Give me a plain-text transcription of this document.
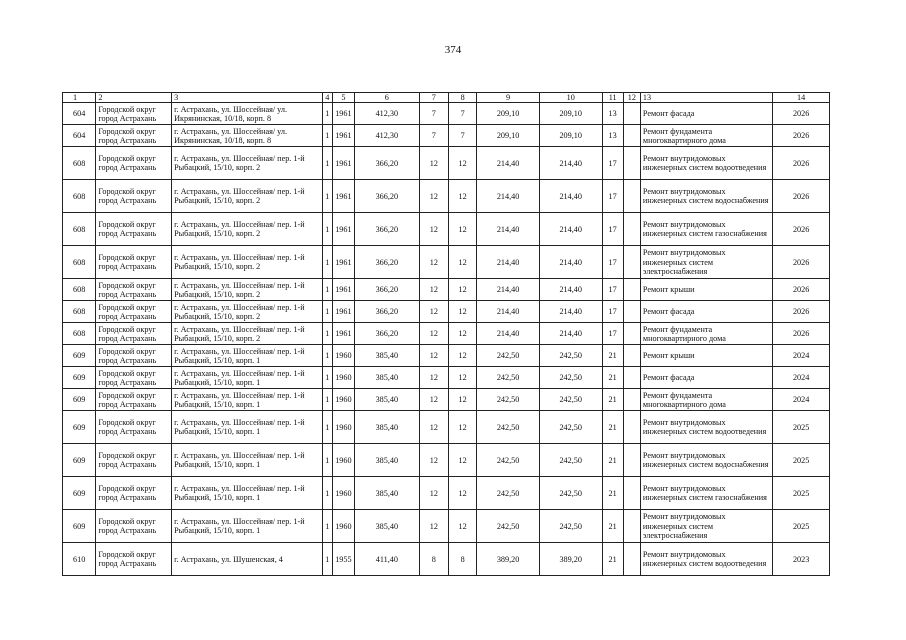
374
1	2	3	4	5	6	7	8	9	10	11	12	13	14
604	Городской округ город Астрахань	г. Астрахань, ул. Шоссейная/ ул. Икрянинская, 10/18, корп. 8	1	1961	412,30	7	7	209,10	209,10	13		Ремонт фасада	2026
604	Городской округ город Астрахань	г. Астрахань, ул. Шоссейная/ ул. Икрянинская, 10/18, корп. 8	1	1961	412,30	7	7	209,10	209,10	13		Ремонт фундамента многоквартирного дома	2026
608	Городской округ город Астрахань	г. Астрахань, ул. Шоссейная/ пер. 1-й Рыбацкий, 15/10, корп. 2	1	1961	366,20	12	12	214,40	214,40	17		Ремонт внутридомовых инженерных систем водоотведения	2026
608	Городской округ город Астрахань	г. Астрахань, ул. Шоссейная/ пер. 1-й Рыбацкий, 15/10, корп. 2	1	1961	366,20	12	12	214,40	214,40	17		Ремонт внутридомовых инженерных систем водоснабжения	2026
608	Городской округ город Астрахань	г. Астрахань, ул. Шоссейная/ пер. 1-й Рыбацкий, 15/10, корп. 2	1	1961	366,20	12	12	214,40	214,40	17		Ремонт внутридомовых инженерных систем газоснабжения	2026
608	Городской округ город Астрахань	г. Астрахань, ул. Шоссейная/ пер. 1-й Рыбацкий, 15/10, корп. 2	1	1961	366,20	12	12	214,40	214,40	17		Ремонт внутридомовых инженерных систем электроснабжения	2026
608	Городской округ город Астрахань	г. Астрахань, ул. Шоссейная/ пер. 1-й Рыбацкий, 15/10, корп. 2	1	1961	366,20	12	12	214,40	214,40	17		Ремонт крыши	2026
608	Городской округ город Астрахань	г. Астрахань, ул. Шоссейная/ пер. 1-й Рыбацкий, 15/10, корп. 2	1	1961	366,20	12	12	214,40	214,40	17		Ремонт фасада	2026
608	Городской округ город Астрахань	г. Астрахань, ул. Шоссейная/ пер. 1-й Рыбацкий, 15/10, корп. 2	1	1961	366,20	12	12	214,40	214,40	17		Ремонт фундамента многоквартирного дома	2026
609	Городской округ город Астрахань	г. Астрахань, ул. Шоссейная/ пер. 1-й Рыбацкий, 15/10, корп. 1	1	1960	385,40	12	12	242,50	242,50	21		Ремонт крыши	2024
609	Городской округ город Астрахань	г. Астрахань, ул. Шоссейная/ пер. 1-й Рыбацкий, 15/10, корп. 1	1	1960	385,40	12	12	242,50	242,50	21		Ремонт фасада	2024
609	Городской округ город Астрахань	г. Астрахань, ул. Шоссейная/ пер. 1-й Рыбацкий, 15/10, корп. 1	1	1960	385,40	12	12	242,50	242,50	21		Ремонт фундамента многоквартирного дома	2024
609	Городской округ город Астрахань	г. Астрахань, ул. Шоссейная/ пер. 1-й Рыбацкий, 15/10, корп. 1	1	1960	385,40	12	12	242,50	242,50	21		Ремонт внутридомовых инженерных систем водоотведения	2025
609	Городской округ город Астрахань	г. Астрахань, ул. Шоссейная/ пер. 1-й Рыбацкий, 15/10, корп. 1	1	1960	385,40	12	12	242,50	242,50	21		Ремонт внутридомовых инженерных систем водоснабжения	2025
609	Городской округ город Астрахань	г. Астрахань, ул. Шоссейная/ пер. 1-й Рыбацкий, 15/10, корп. 1	1	1960	385,40	12	12	242,50	242,50	21		Ремонт внутридомовых инженерных систем газоснабжения	2025
609	Городской округ город Астрахань	г. Астрахань, ул. Шоссейная/ пер. 1-й Рыбацкий, 15/10, корп. 1	1	1960	385,40	12	12	242,50	242,50	21		Ремонт внутридомовых инженерных систем электроснабжения	2025
610	Городской округ город Астрахань	г. Астрахань, ул. Шушенская, 4	1	1955	411,40	8	8	389,20	389,20	21		Ремонт внутридомовых инженерных систем водоотведения	2023
